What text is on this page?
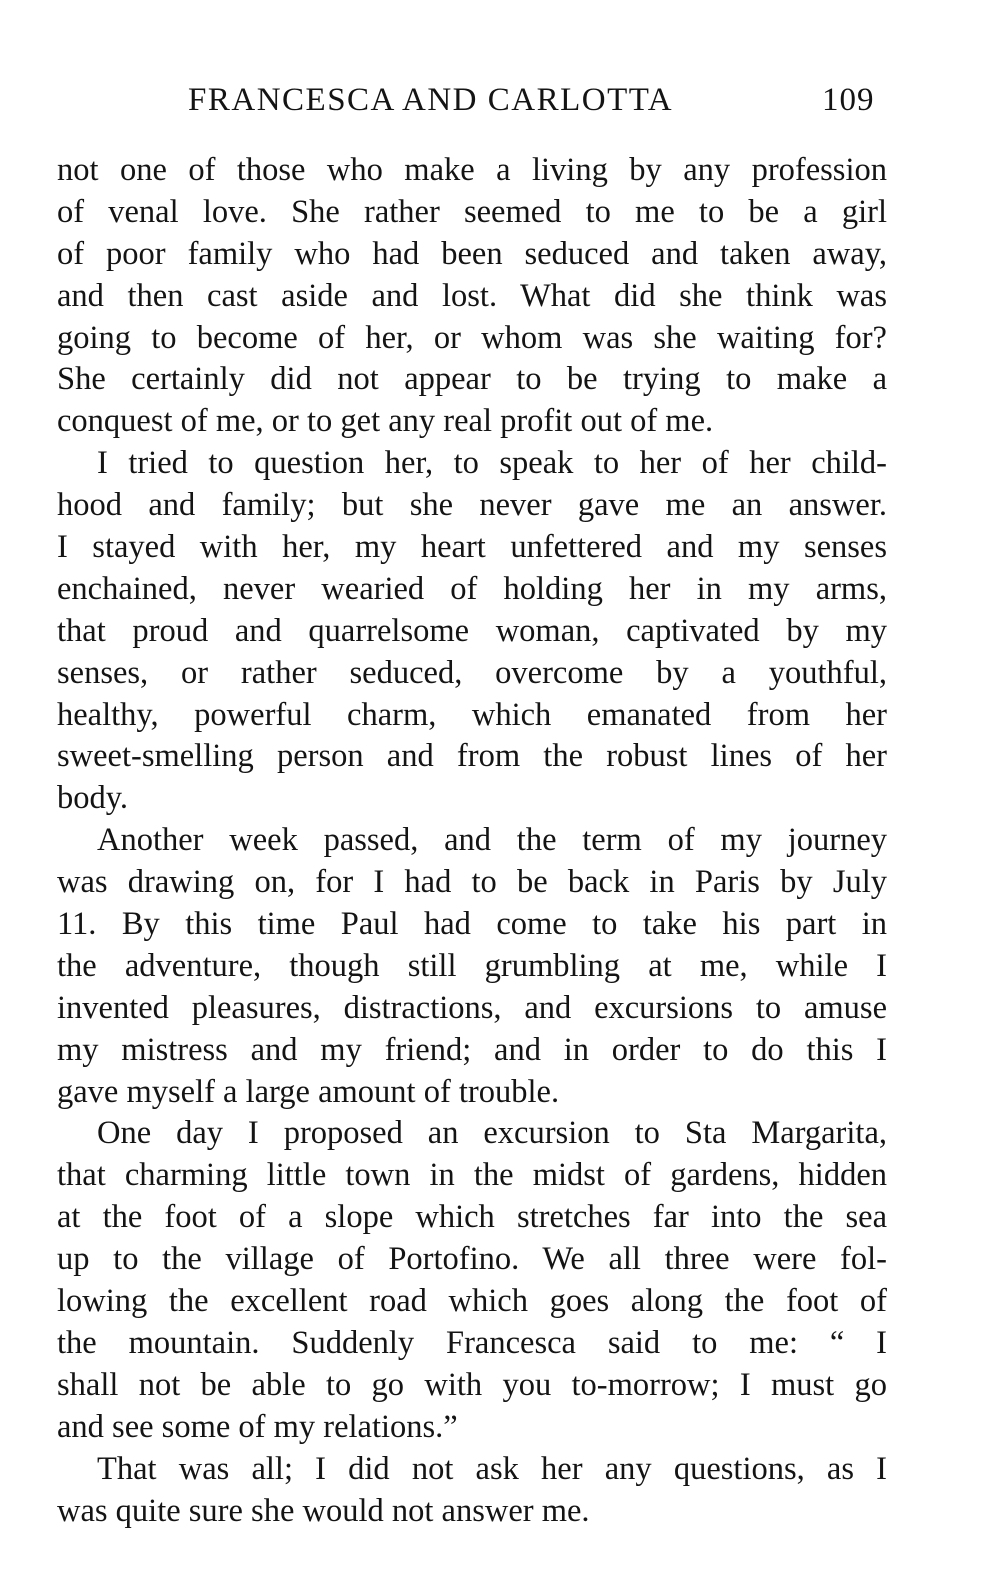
FRANCESCA AND CARLOTTA	109
not one of those who make a living by any profession
of venal love. She rather seemed to me to be a girl
of poor family who had been seduced and taken away,
and then cast aside and lost. What did she think was
going to become of her, or whom was she waiting for?
She certainly did not appear to be trying to make a
conquest of me, or to get any real profit out of me.
I tried to question her, to speak to her of her child-
hood and family; but she never gave me an answer.
I stayed with her, my heart unfettered and my senses
enchained, never wearied of holding her in my arms,
that proud and quarrelsome woman, captivated by my
senses, or rather seduced, overcome by a youthful,
healthy, powerful charm, which emanated from her
sweet-smelling person and from the robust lines of her
body.
Another week passed, and the term of my journey
was drawing on, for I had to be back in Paris by July
11. By this time Paul had come to take his part in
the adventure, though still grumbling at me, while I
invented pleasures, distractions, and excursions to amuse
my mistress and my friend; and in order to do this I
gave myself a large amount of trouble.
One day I proposed an excursion to Sta Margarita,
that charming little town in the midst of gardens, hidden
at the foot of a slope which stretches far into the sea
up to the village of Portofino. We all three were fol-
lowing the excellent road which goes along the foot of
the mountain. Suddenly Francesca said to me: “ I
shall not be able to go with you to-morrow; I must go
and see some of my relations.”
That was all; I did not ask her any questions, as I
was quite sure she would not answer me.
